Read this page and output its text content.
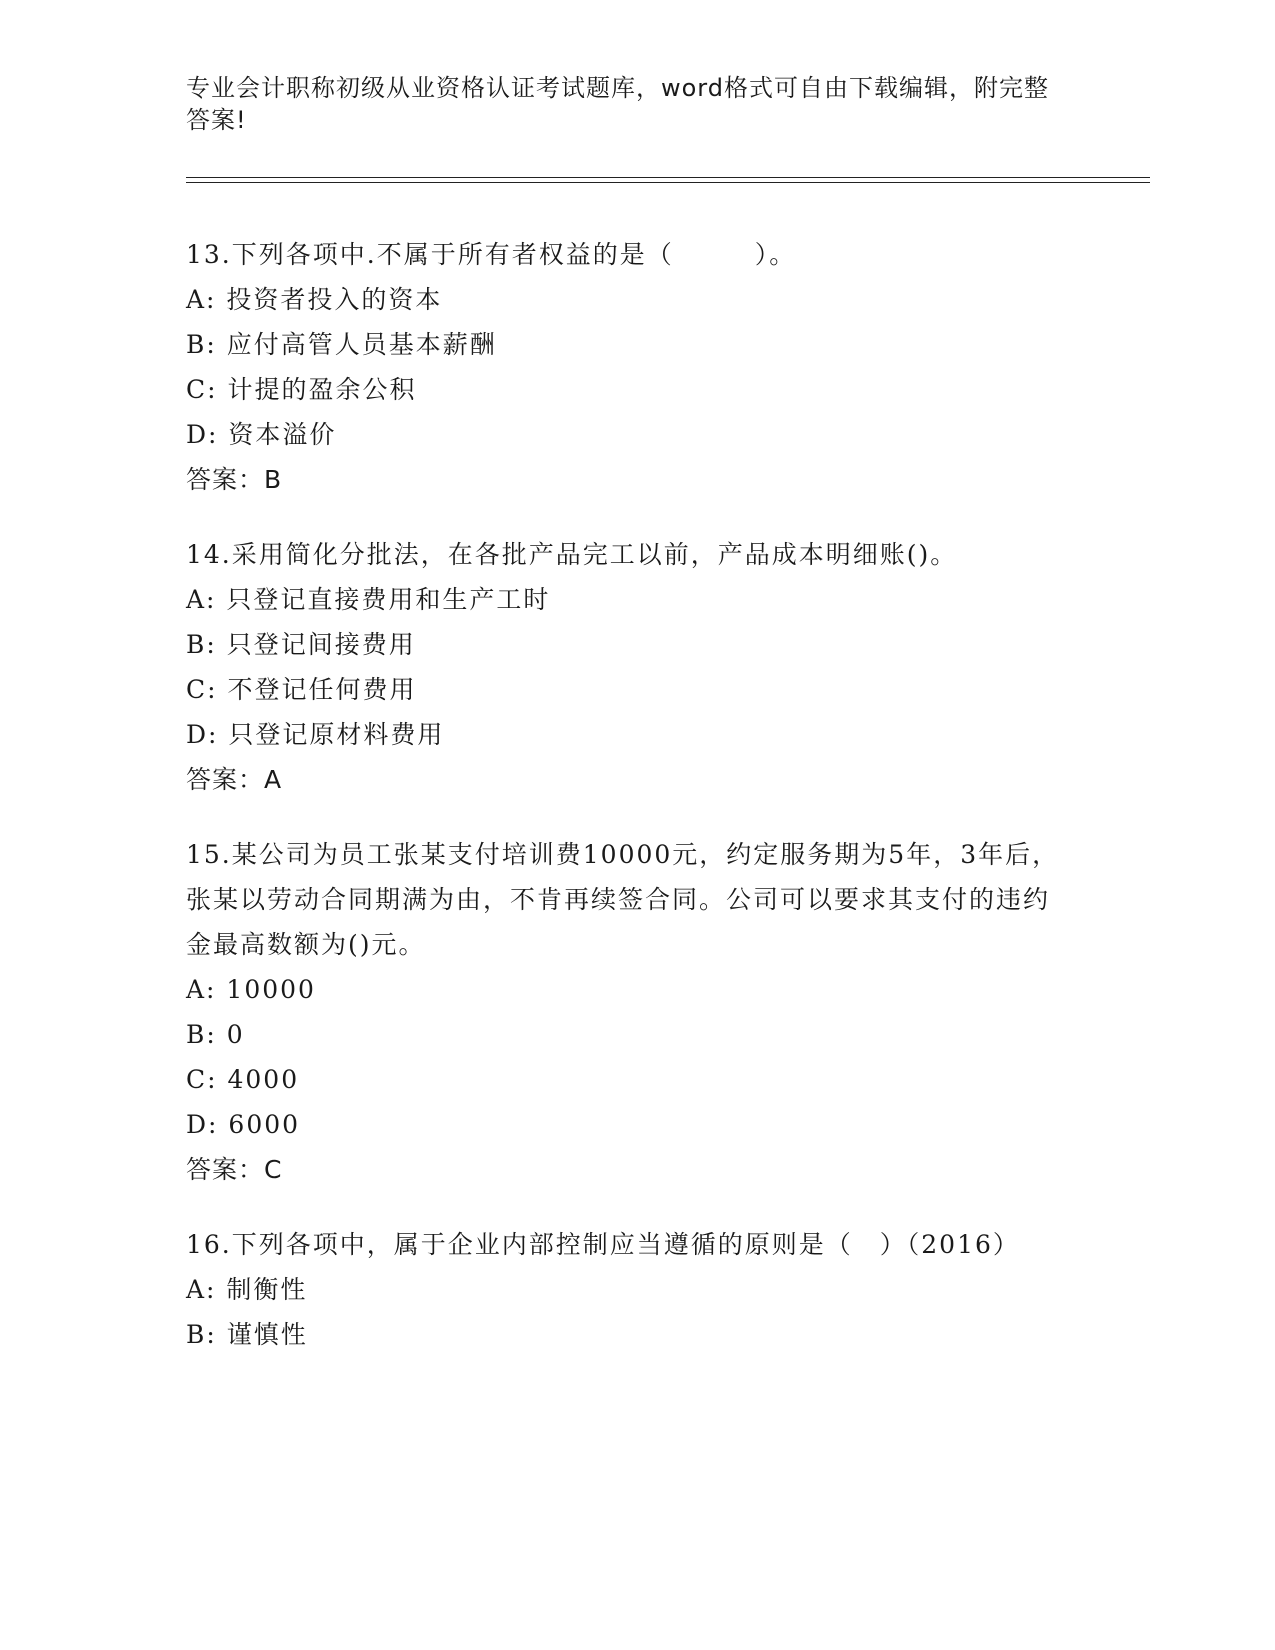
专业会计职称初级从业资格认证考试题库，word格式可自由下载编辑，附完整答案!
13.下列各项中.不属于所有者权益的是（　　　）。
A: 投资者投入的资本
B: 应付高管人员基本薪酬
C: 计提的盈余公积
D: 资本溢价
答案：B
14.采用简化分批法，在各批产品完工以前，产品成本明细账()。
A: 只登记直接费用和生产工时
B: 只登记间接费用
C: 不登记任何费用
D: 只登记原材料费用
答案：A
15.某公司为员工张某支付培训费10000元，约定服务期为5年，3年后，张某以劳动合同期满为由，不肯再续签合同。公司可以要求其支付的违约金最高数额为()元。
A: 10000
B: 0
C: 4000
D: 6000
答案：C
16.下列各项中，属于企业内部控制应当遵循的原则是（　）（2016）
A: 制衡性
B: 谨慎性
